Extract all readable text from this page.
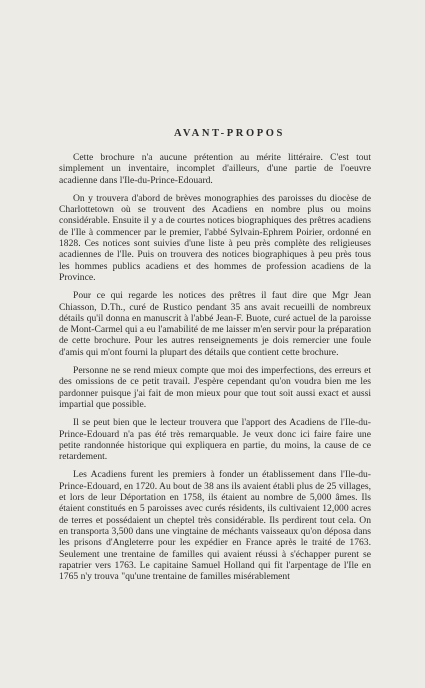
AVANT-PROPOS

Cette brochure n'a aucune prétention au mérite littéraire. C'est tout simplement un inventaire, incomplet d'ailleurs, d'une partie de l'oeuvre acadienne dans l'Ile-du-Prince-Edouard.

On y trouvera d'abord de brèves monographies des paroisses du diocèse de Charlottetown où se trouvent des Acadiens en nombre plus ou moins considérable. Ensuite il y a de courtes notices biographiques des prêtres acadiens de l'Ile à commencer par le premier, l'abbé Sylvain-Ephrem Poirier, ordonné en 1828. Ces notices sont suivies d'une liste à peu près complète des religieuses acadiennes de l'Ile. Puis on trouvera des notices biographiques à peu près tous les hommes publics acadiens et des hommes de profession acadiens de la Province.

Pour ce qui regarde les notices des prêtres il faut dire que Mgr Jean Chiasson, D.Th., curé de Rustico pendant 35 ans avait recueilli de nombreux détails qu'il donna en manuscrit à l'abbé Jean-F. Buote, curé actuel de la paroisse de Mont-Carmel qui a eu l'amabilité de me laisser m'en servir pour la préparation de cette brochure. Pour les autres renseignements je dois remercier une foule d'amis qui m'ont fourni la plupart des détails que contient cette brochure.

Personne ne se rend mieux compte que moi des imperfections, des erreurs et des omissions de ce petit travail. J'espère cependant qu'on voudra bien me les pardonner puisque j'ai fait de mon mieux pour que tout soit aussi exact et aussi impartial que possible.

Il se peut bien que le lecteur trouvera que l'apport des Acadiens de l'Ile-du-Prince-Edouard n'a pas été très remarquable. Je veux donc ici faire faire une petite randonnée historique qui expliquera en partie, du moins, la cause de ce retardement.

Les Acadiens furent les premiers à fonder un établissement dans l'Ile-du-Prince-Edouard, en 1720. Au bout de 38 ans ils avaient établi plus de 25 villages, et lors de leur Déportation en 1758, ils étaient au nombre de 5,000 âmes. Ils étaient constitués en 5 paroisses avec curés résidents, ils cultivaient 12,000 acres de terres et possédaient un cheptel très considérable. Ils perdirent tout cela. On en transporta 3,500 dans une vingtaine de méchants vaisseaux qu'on déposa dans les prisons d'Angleterre pour les expédier en France après le traité de 1763. Seulement une trentaine de familles qui avaient réussi à s'échapper purent se rapatrier vers 1763. Le capitaine Samuel Holland qui fit l'arpentage de l'Ile en 1765 n'y trouva "qu'une trentaine de familles misérablement
